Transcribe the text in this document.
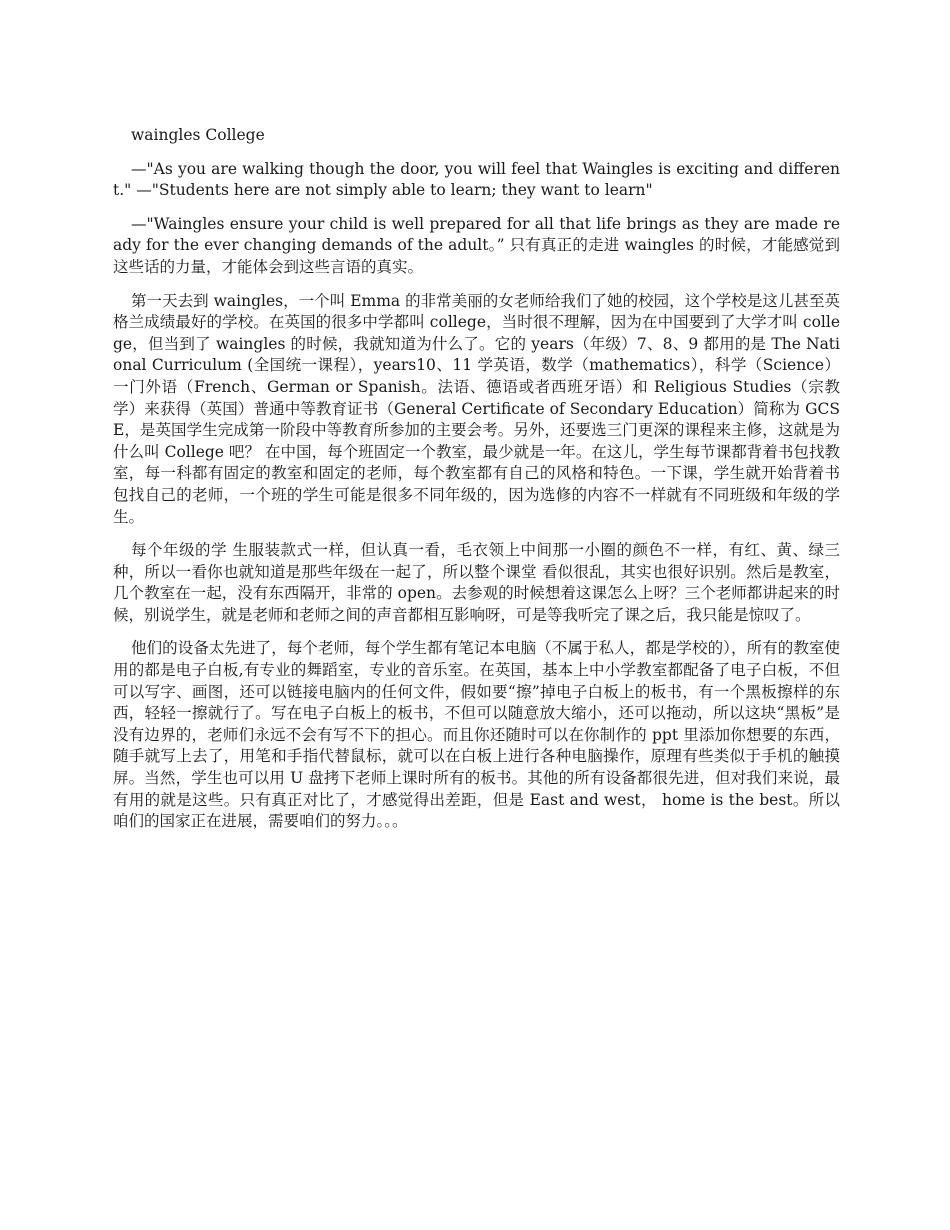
waingles College

—"As you are walking though the door, you will feel that Waingles is exciting and different." —"Students here are not simply able to learn; they want to learn"

—"Waingles ensure your child is well prepared for all that life brings as they are made ready for the ever changing demands of the adult。” 只有真正的走进 waingles 的时候，才能感觉到这些话的力量，才能体会到这些言语的真实。

第一天去到 waingles，一个叫 Emma 的非常美丽的女老师给我们了她的校园，这个学校是这儿甚至英格兰成绩最好的学校。在英国的很多中学都叫 college，当时很不理解，因为在中国要到了大学才叫 college，但当到了 waingles 的时候，我就知道为什么了。它的 years（年级）7、8、9 都用的是 The National Curriculum (全国统一课程），years10、11 学英语，数学（mathematics），科学（Science）一门外语（French、German or Spanish。法语、德语或者西班牙语）和 Religious Studies（宗教学）来获得（英国）普通中等教育证书（General Certificate of Secondary Education）简称为 GCSE，是英国学生完成第一阶段中等教育所参加的主要会考。另外，还要选三门更深的课程来主修，这就是为什么叫 College 吧？ 在中国，每个班固定一个教室，最少就是一年。在这儿，学生每节课都背着书包找教室，每一科都有固定的教室和固定的老师，每个教室都有自己的风格和特色。一下课，学生就开始背着书包找自己的老师，一个班的学生可能是很多不同年级的，因为选修的内容不一样就有不同班级和年级的学生。

每个年级的学 生服装款式一样，但认真一看，毛衣领上中间那一小圈的颜色不一样，有红、黄、绿三种，所以一看你也就知道是那些年级在一起了，所以整个课堂 看似很乱，其实也很好识别。然后是教室，几个教室在一起，没有东西隔开，非常的 open。去参观的时候想着这课怎么上呀？三个老师都讲起来的时候，别说学生，就是老师和老师之间的声音都相互影响呀，可是等我听完了课之后，我只能是惊叹了。

他们的设备太先进了，每个老师，每个学生都有笔记本电脑（不属于私人，都是学校的），所有的教室使用的都是电子白板,有专业的舞蹈室，专业的音乐室。在英国，基本上中小学教室都配备了电子白板，不但可以写字、画图，还可以链接电脑内的任何文件，假如要“擦”掉电子白板上的板书，有一个黑板擦样的东西，轻轻一擦就行了。写在电子白板上的板书，不但可以随意放大缩小，还可以拖动，所以这块“黑板”是没有边界的，老师们永远不会有写不下的担心。而且你还随时可以在你制作的 ppt 里添加你想要的东西，随手就写上去了，用笔和手指代替鼠标，就可以在白板上进行各种电脑操作，原理有些类似于手机的触摸屏。当然，学生也可以用 U 盘拷下老师上课时所有的板书。其他的所有设备都很先进，但对我们来说，最有用的就是这些。只有真正对比了，才感觉得出差距，但是 East and west， home is the best。所以咱们的国家正在进展，需要咱们的努力。。。
